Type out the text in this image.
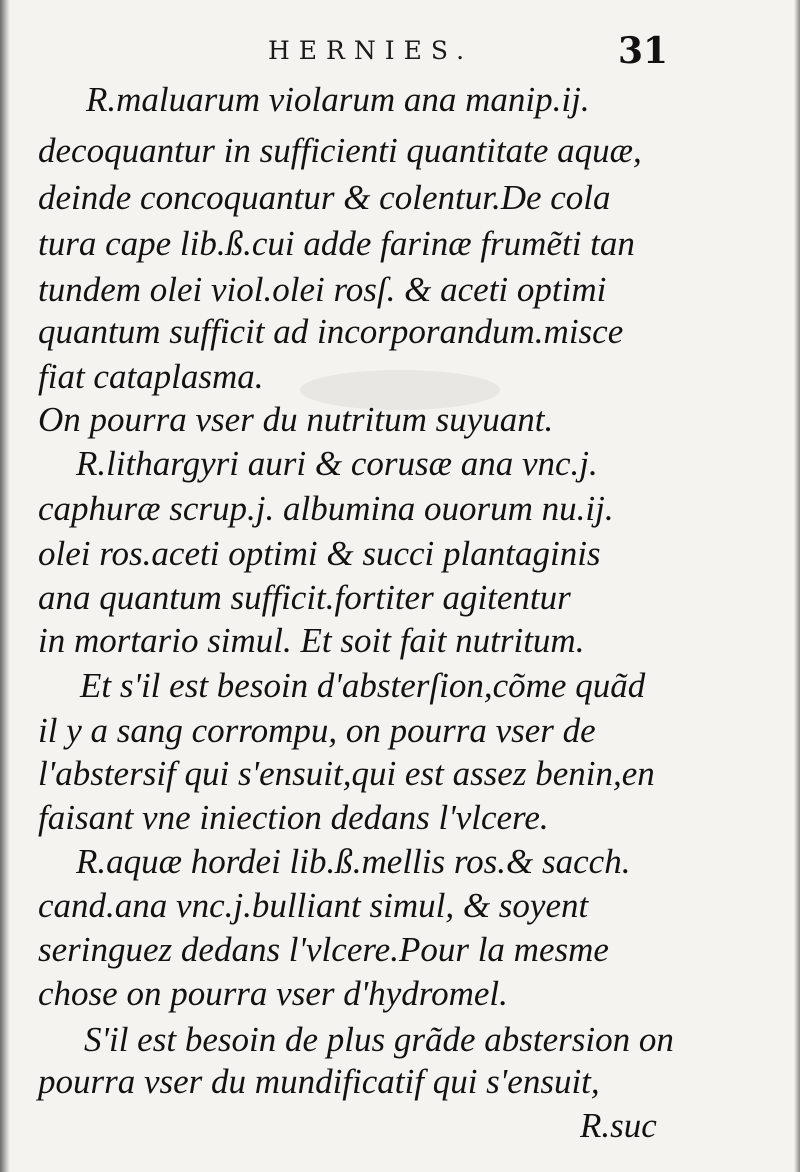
HERNIES.	31
R.maluarum violarum ana manip.ij.
decoquantur in sufficienti quantitate aquæ,
deinde concoquantur & colentur.De cola
tura cape lib.ß.cui adde farinæ frumẽti tan
tundem olei viol.olei rosſ. & aceti optimi
quantum sufficit ad incorporandum.misce
fiat cataplasma.
On pourra vser du nutritum suyuant.
R.lithargyri auri & corusæ ana vnc.j.
caphuræ scrup.j. albumina ouorum nu.ij.
olei ros.aceti optimi & succi plantaginis
ana quantum sufficit.fortiter agitentur
in mortario simul. Et soit fait nutritum.
Et s'il est besoin d'absterſion,cõme quãd
il y a sang corrompu, on pourra vser de
l'abstersif qui s'ensuit,qui est assez benin,en
faisant vne iniection dedans l'vlcere.
R.aquæ hordei lib.ß.mellis ros.& sacch.
cand.ana vnc.j.bulliant simul, & soyent
seringuez dedans l'vlcere.Pour la mesme
chose on pourra vser d'hydromel.
S'il est besoin de plus grãde abstersion on
pourra vser du mundificatif qui s'ensuit,
R.suc
